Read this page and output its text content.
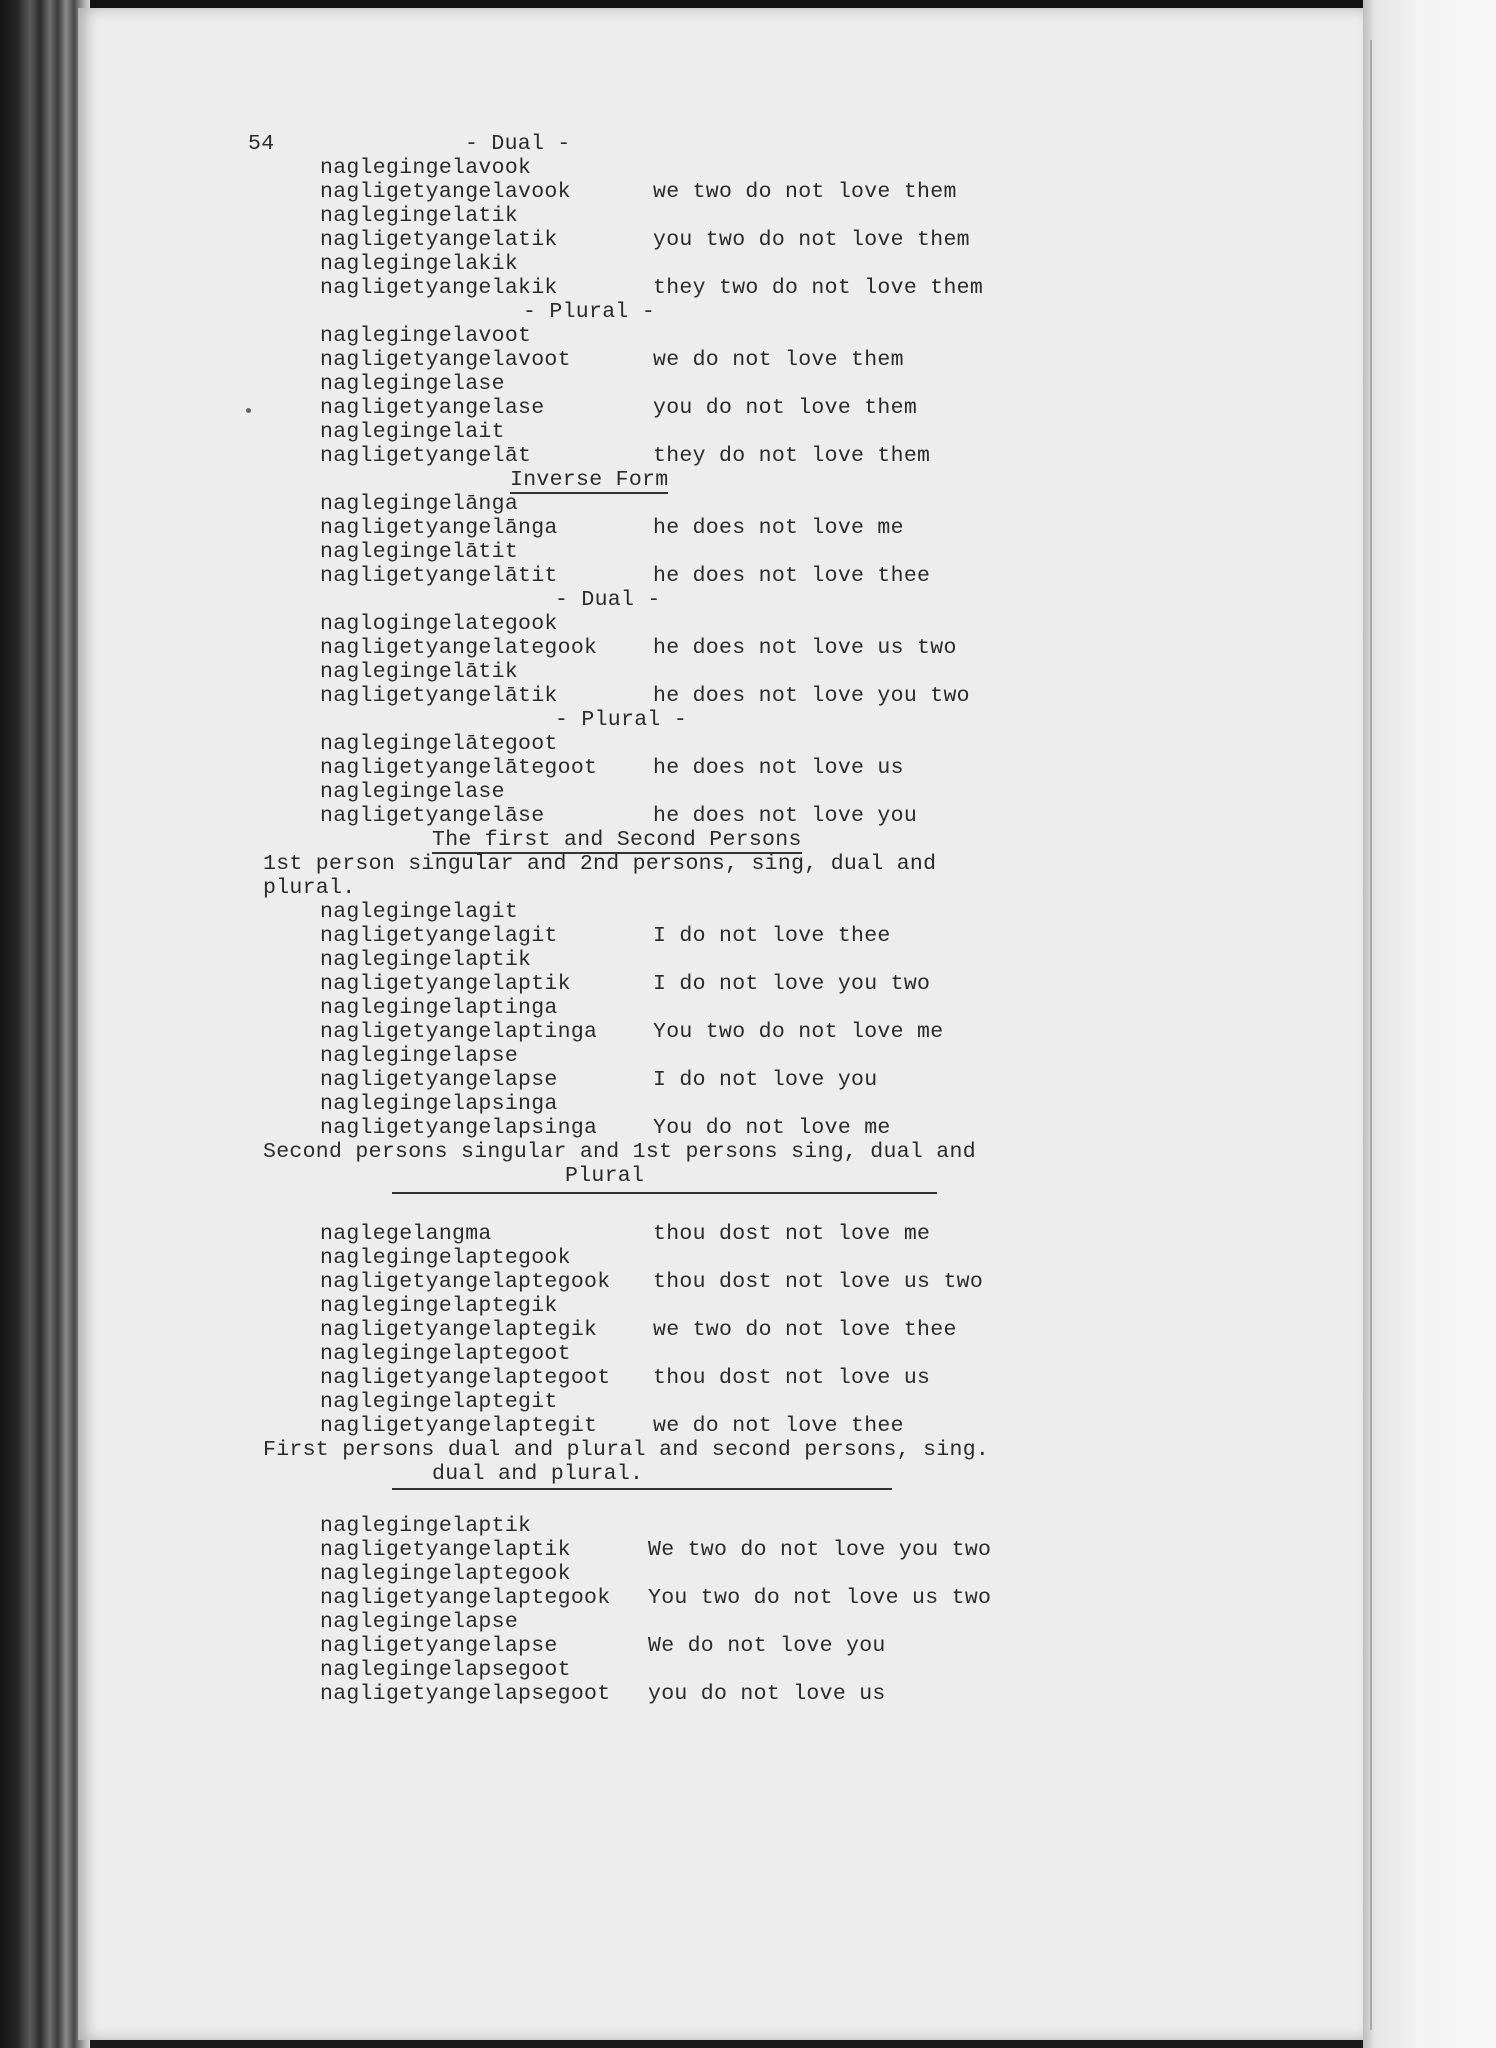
54	- Dual -
naglegingelavook
nagligetyangelavook	we two do not love them
naglegingelatik
nagligetyangelatik	you two do not love them
naglegingelakik
nagligetyangelakik	they two do not love them
- Plural -
naglegingelavoot
nagligetyangelavoot	we do not love them
naglegingelase
nagligetyangelase	you do not love them
naglegingelait
nagligetyangelāt	they do not love them
Inverse Form
naglegingelānga
nagligetyangelānga	he does not love me
naglegingelātit
nagligetyangelātit	he does not love thee
- Dual -
naglogingelategook
nagligetyangelategook	he does not love us two
naglegingelātik
nagligetyangelātik	he does not love you two
- Plural -
naglegingelātegoot
nagligetyangelātegoot	he does not love us
naglegingelase
nagligetyangelāse	he does not love you
The first and Second Persons
1st person singular and 2nd persons, sing, dual and
plural.
naglegingelagit
nagligetyangelagit	I do not love thee
naglegingelaptik
nagligetyangelaptik	I do not love you two
naglegingelaptinga
nagligetyangelaptinga	You two do not love me
naglegingelapse
nagligetyangelapse	I do not love you
naglegingelapsinga
nagligetyangelapsinga	You do not love me
Second persons singular and 1st persons sing, dual and
Plural
naglegelangma	thou dost not love me
naglegingelaptegook
nagligetyangelaptegook thou dost not love us two
naglegingelaptegik
nagligetyangelaptegik	we two do not love thee
naglegingelaptegoot
nagligetyangelaptegoot thou dost not love us
naglegingelaptegit
nagligetyangelaptegit	we do not love thee
First persons dual and plural and second persons, sing.
dual and plural.
naglegingelaptik
nagligetyangelaptik	We two do not love you two
naglegingelaptegook
nagligetyangelaptegook You two do not love us two
naglegingelapse
nagligetyangelapse	We do not love you
naglegingelapsegoot
nagligetyangelapsegoot you do not love us
